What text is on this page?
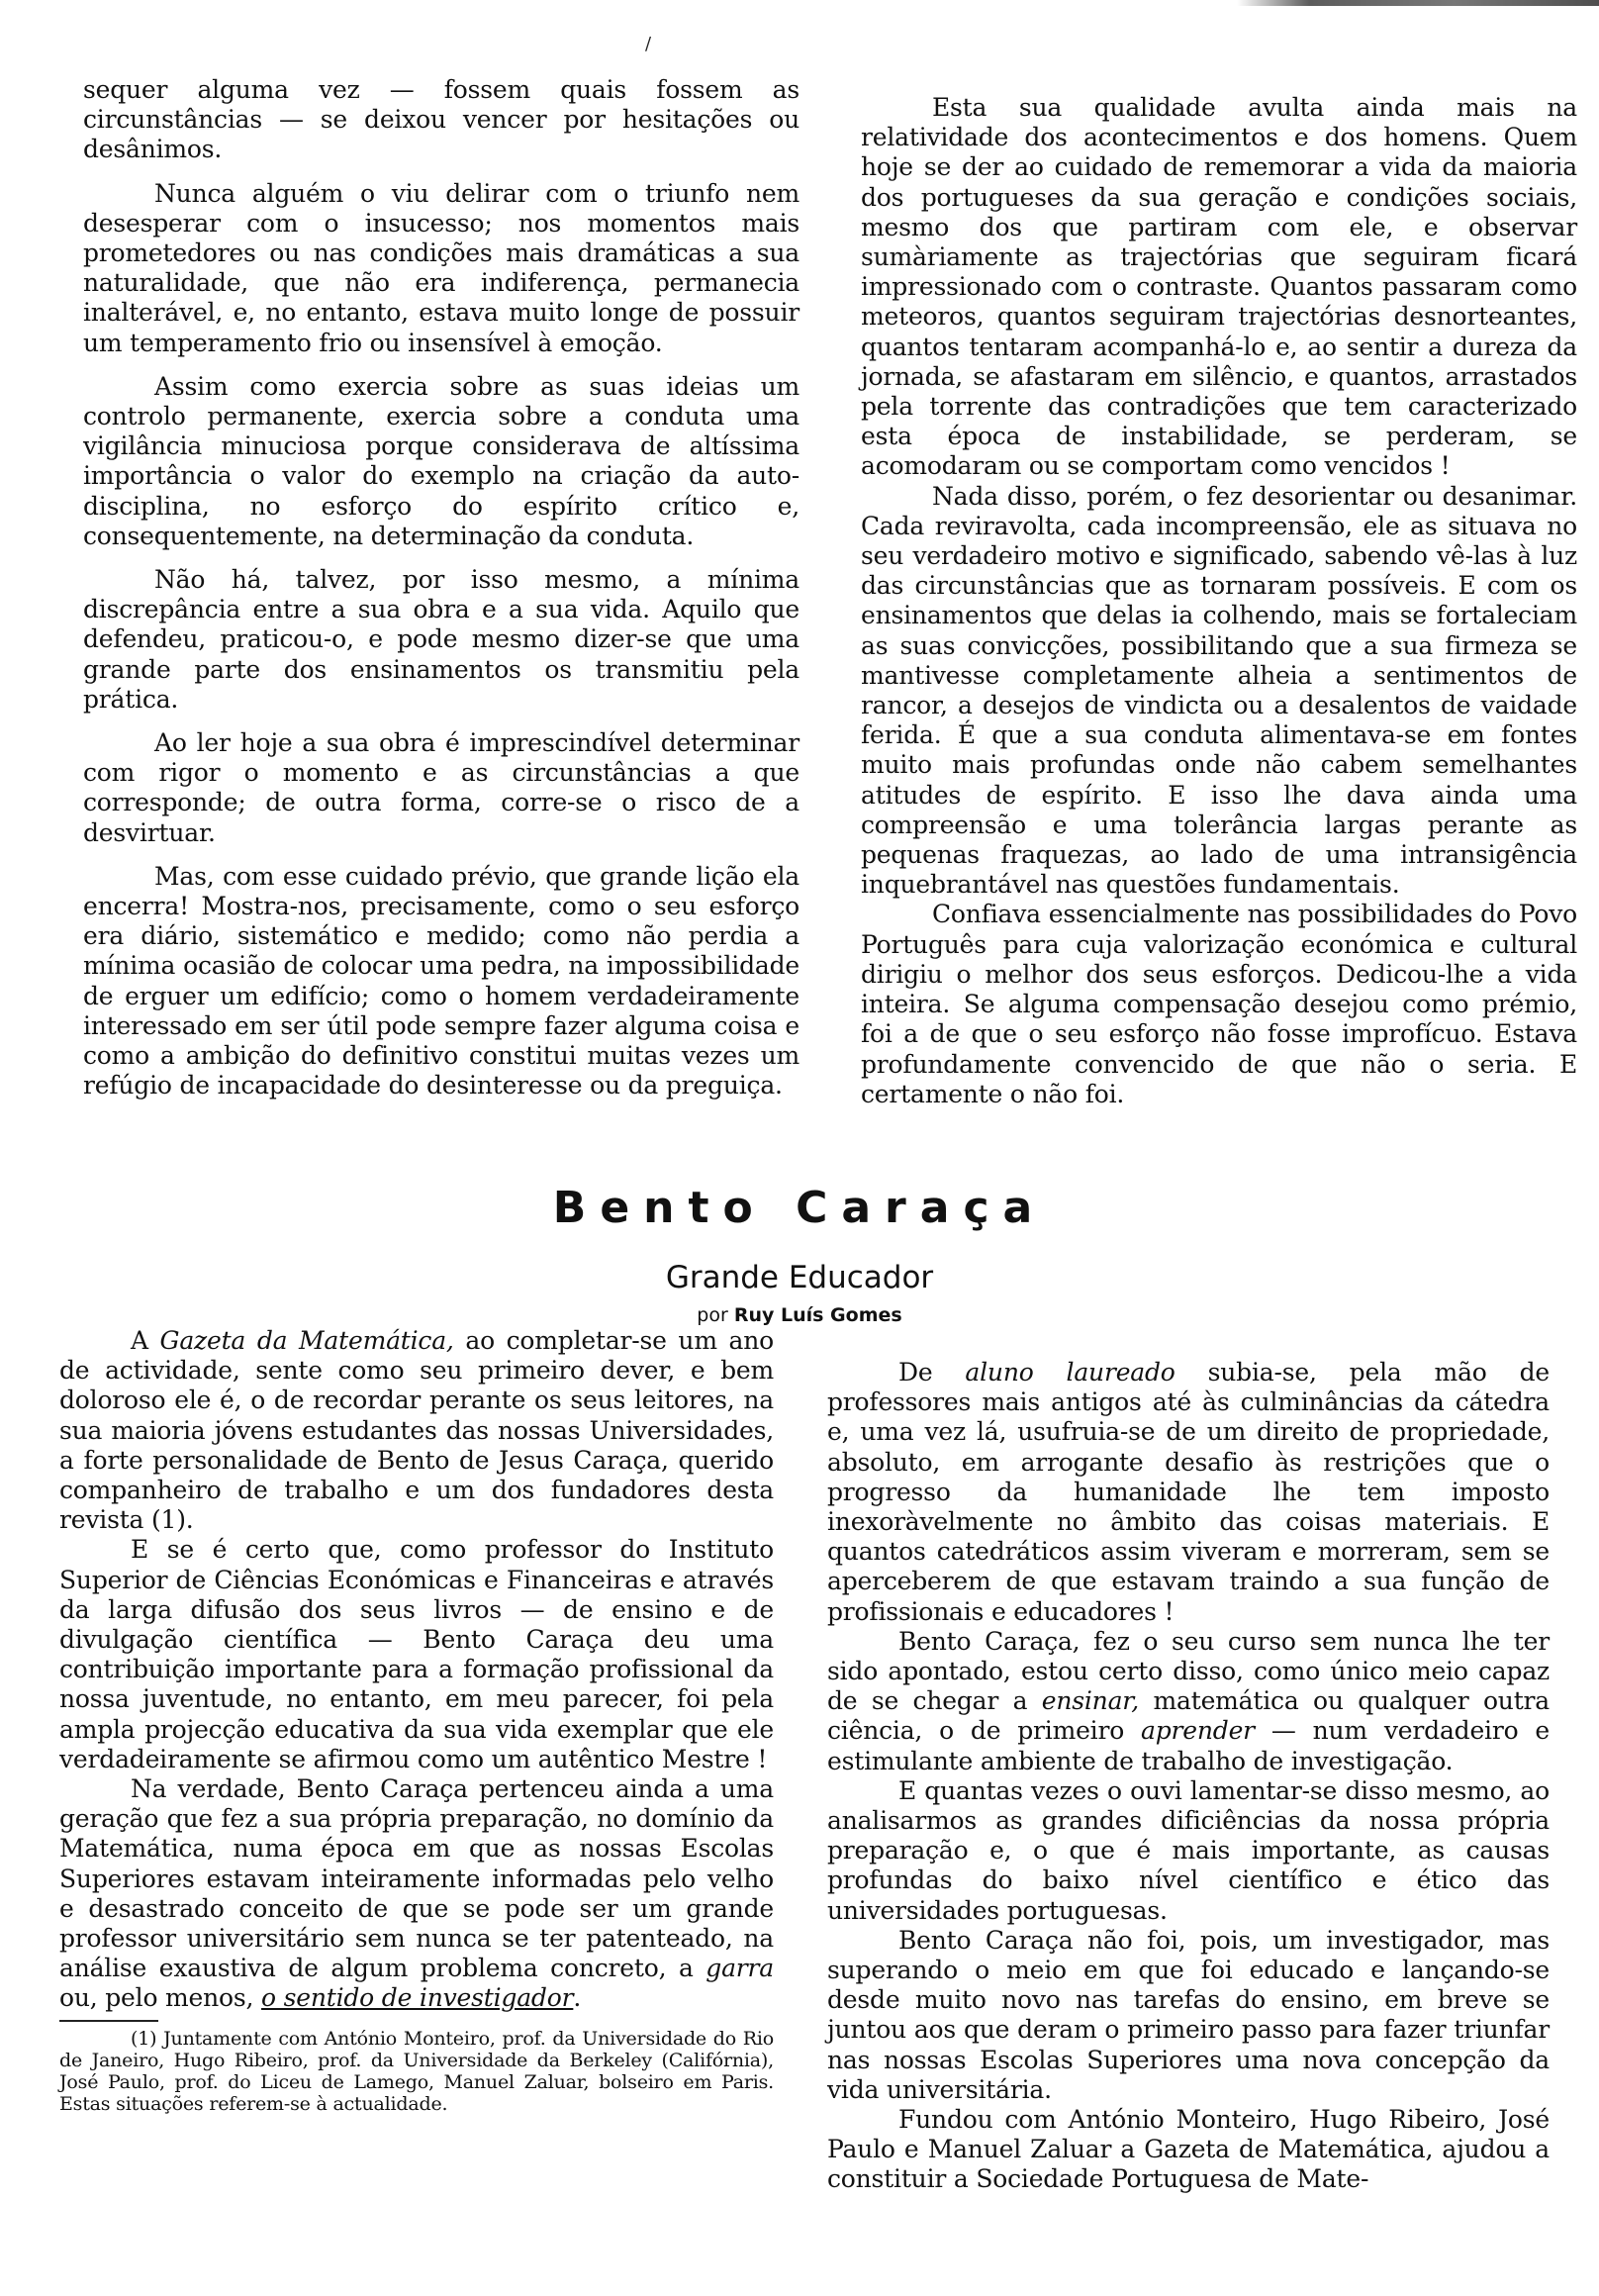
/

sequer alguma vez — fossem quais fossem as circunstâncias — se deixou vencer por hesitações ou desânimos.

Nunca alguém o viu delirar com o triunfo nem desesperar com o insucesso; nos momentos mais prometedores ou nas condições mais dramáticas a sua naturalidade, que não era indiferença, permanecia inalterável, e, no entanto, estava muito longe de possuir um temperamento frio ou insensível à emoção.

Assim como exercia sobre as suas ideias um controlo permanente, exercia sobre a conduta uma vigilância minuciosa porque considerava de altíssima importância o valor do exemplo na criação da auto-disciplina, no esforço do espírito crítico e, consequentemente, na determinação da conduta.

Não há, talvez, por isso mesmo, a mínima discrepância entre a sua obra e a sua vida. Aquilo que defendeu, praticou-o, e pode mesmo dizer-se que uma grande parte dos ensinamentos os transmitiu pela prática.

Ao ler hoje a sua obra é imprescindível determinar com rigor o momento e as circunstâncias a que corresponde; de outra forma, corre-se o risco de a desvirtuar.

Mas, com esse cuidado prévio, que grande lição ela encerra! Mostra-nos, precisamente, como o seu esforço era diário, sistemático e medido; como não perdia a mínima ocasião de colocar uma pedra, na impossibilidade de erguer um edifício; como o homem verdadeiramente interessado em ser útil pode sempre fazer alguma coisa e como a ambição do definitivo constitui muitas vezes um refúgio de incapacidade do desinteresse ou da preguiça.

Esta sua qualidade avulta ainda mais na relatividade dos acontecimentos e dos homens. Quem hoje se der ao cuidado de rememorar a vida da maioria dos portugueses da sua geração e condições sociais, mesmo dos que partiram com ele, e observar sumàriamente as trajectórias que seguiram ficará impressionado com o contraste. Quantos passaram como meteoros, quantos seguiram trajectórias desnorteantes, quantos tentaram acompanhá-lo e, ao sentir a dureza da jornada, se afastaram em silêncio, e quantos, arrastados pela torrente das contradições que tem caracterizado esta época de instabilidade, se perderam, se acomodaram ou se comportam como vencidos !

Nada disso, porém, o fez desorientar ou desanimar. Cada reviravolta, cada incompreensão, ele as situava no seu verdadeiro motivo e significado, sabendo vê-las à luz das circunstâncias que as tornaram possíveis. E com os ensinamentos que delas ia colhendo, mais se fortaleciam as suas convicções, possibilitando que a sua firmeza se mantivesse completamente alheia a sentimentos de rancor, a desejos de vindicta ou a desalentos de vaidade ferida. É que a sua conduta alimentava-se em fontes muito mais profundas onde não cabem semelhantes atitudes de espírito. E isso lhe dava ainda uma compreensão e uma tolerância largas perante as pequenas fraquezas, ao lado de uma intransigência inquebrantável nas questões fundamentais.

Confiava essencialmente nas possibilidades do Povo Português para cuja valorização económica e cultural dirigiu o melhor dos seus esforços. Dedicou-lhe a vida inteira. Se alguma compensação desejou como prémio, foi a de que o seu esforço não fosse improfícuo. Estava profundamente convencido de que não o seria. E certamente o não foi.

Bento Caraça
Grande Educador
por Ruy Luís Gomes

A Gazeta da Matemática, ao completar-se um ano de actividade, sente como seu primeiro dever, e bem doloroso ele é, o de recordar perante os seus leitores, na sua maioria jóvens estudantes das nossas Universidades, a forte personalidade de Bento de Jesus Caraça, querido companheiro de trabalho e um dos fundadores desta revista (1).

E se é certo que, como professor do Instituto Superior de Ciências Económicas e Financeiras e através da larga difusão dos seus livros — de ensino e de divulgação científica — Bento Caraça deu uma contribuição importante para a formação profissional da nossa juventude, no entanto, em meu parecer, foi pela ampla projecção educativa da sua vida exemplar que ele verdadeiramente se afirmou como um autêntico Mestre !

Na verdade, Bento Caraça pertenceu ainda a uma geração que fez a sua própria preparação, no domínio da Matemática, numa época em que as nossas Escolas Superiores estavam inteiramente informadas pelo velho e desastrado conceito de que se pode ser um grande professor universitário sem nunca se ter patenteado, na análise exaustiva de algum problema concreto, a garra ou, pelo menos, o sentido de investigador.

(1) Juntamente com António Monteiro, prof. da Universidade do Rio de Janeiro, Hugo Ribeiro, prof. da Universidade da Berkeley (Califórnia), José Paulo, prof. do Liceu de Lamego, Manuel Zaluar, bolseiro em Paris. Estas situações referem-se à actualidade.

De aluno laureado subia-se, pela mão de professores mais antigos até às culminâncias da cátedra e, uma vez lá, usufruia-se de um direito de propriedade, absoluto, em arrogante desafio às restrições que o progresso da humanidade lhe tem imposto inexoràvelmente no âmbito das coisas materiais. E quantos catedráticos assim viveram e morreram, sem se aperceberem de que estavam traindo a sua função de profissionais e educadores !

Bento Caraça, fez o seu curso sem nunca lhe ter sido apontado, estou certo disso, como único meio capaz de se chegar a ensinar, matemática ou qualquer outra ciência, o de primeiro aprender — num verdadeiro e estimulante ambiente de trabalho de investigação.

E quantas vezes o ouvi lamentar-se disso mesmo, ao analisarmos as grandes dificiências da nossa própria preparação e, o que é mais importante, as causas profundas do baixo nível científico e ético das universidades portuguesas.

Bento Caraça não foi, pois, um investigador, mas superando o meio em que foi educado e lançando-se desde muito novo nas tarefas do ensino, em breve se juntou aos que deram o primeiro passo para fazer triunfar nas nossas Escolas Superiores uma nova concepção da vida universitária.

Fundou com António Monteiro, Hugo Ribeiro, José Paulo e Manuel Zaluar a Gazeta de Matemática, ajudou a constituir a Sociedade Portuguesa de Mate-
